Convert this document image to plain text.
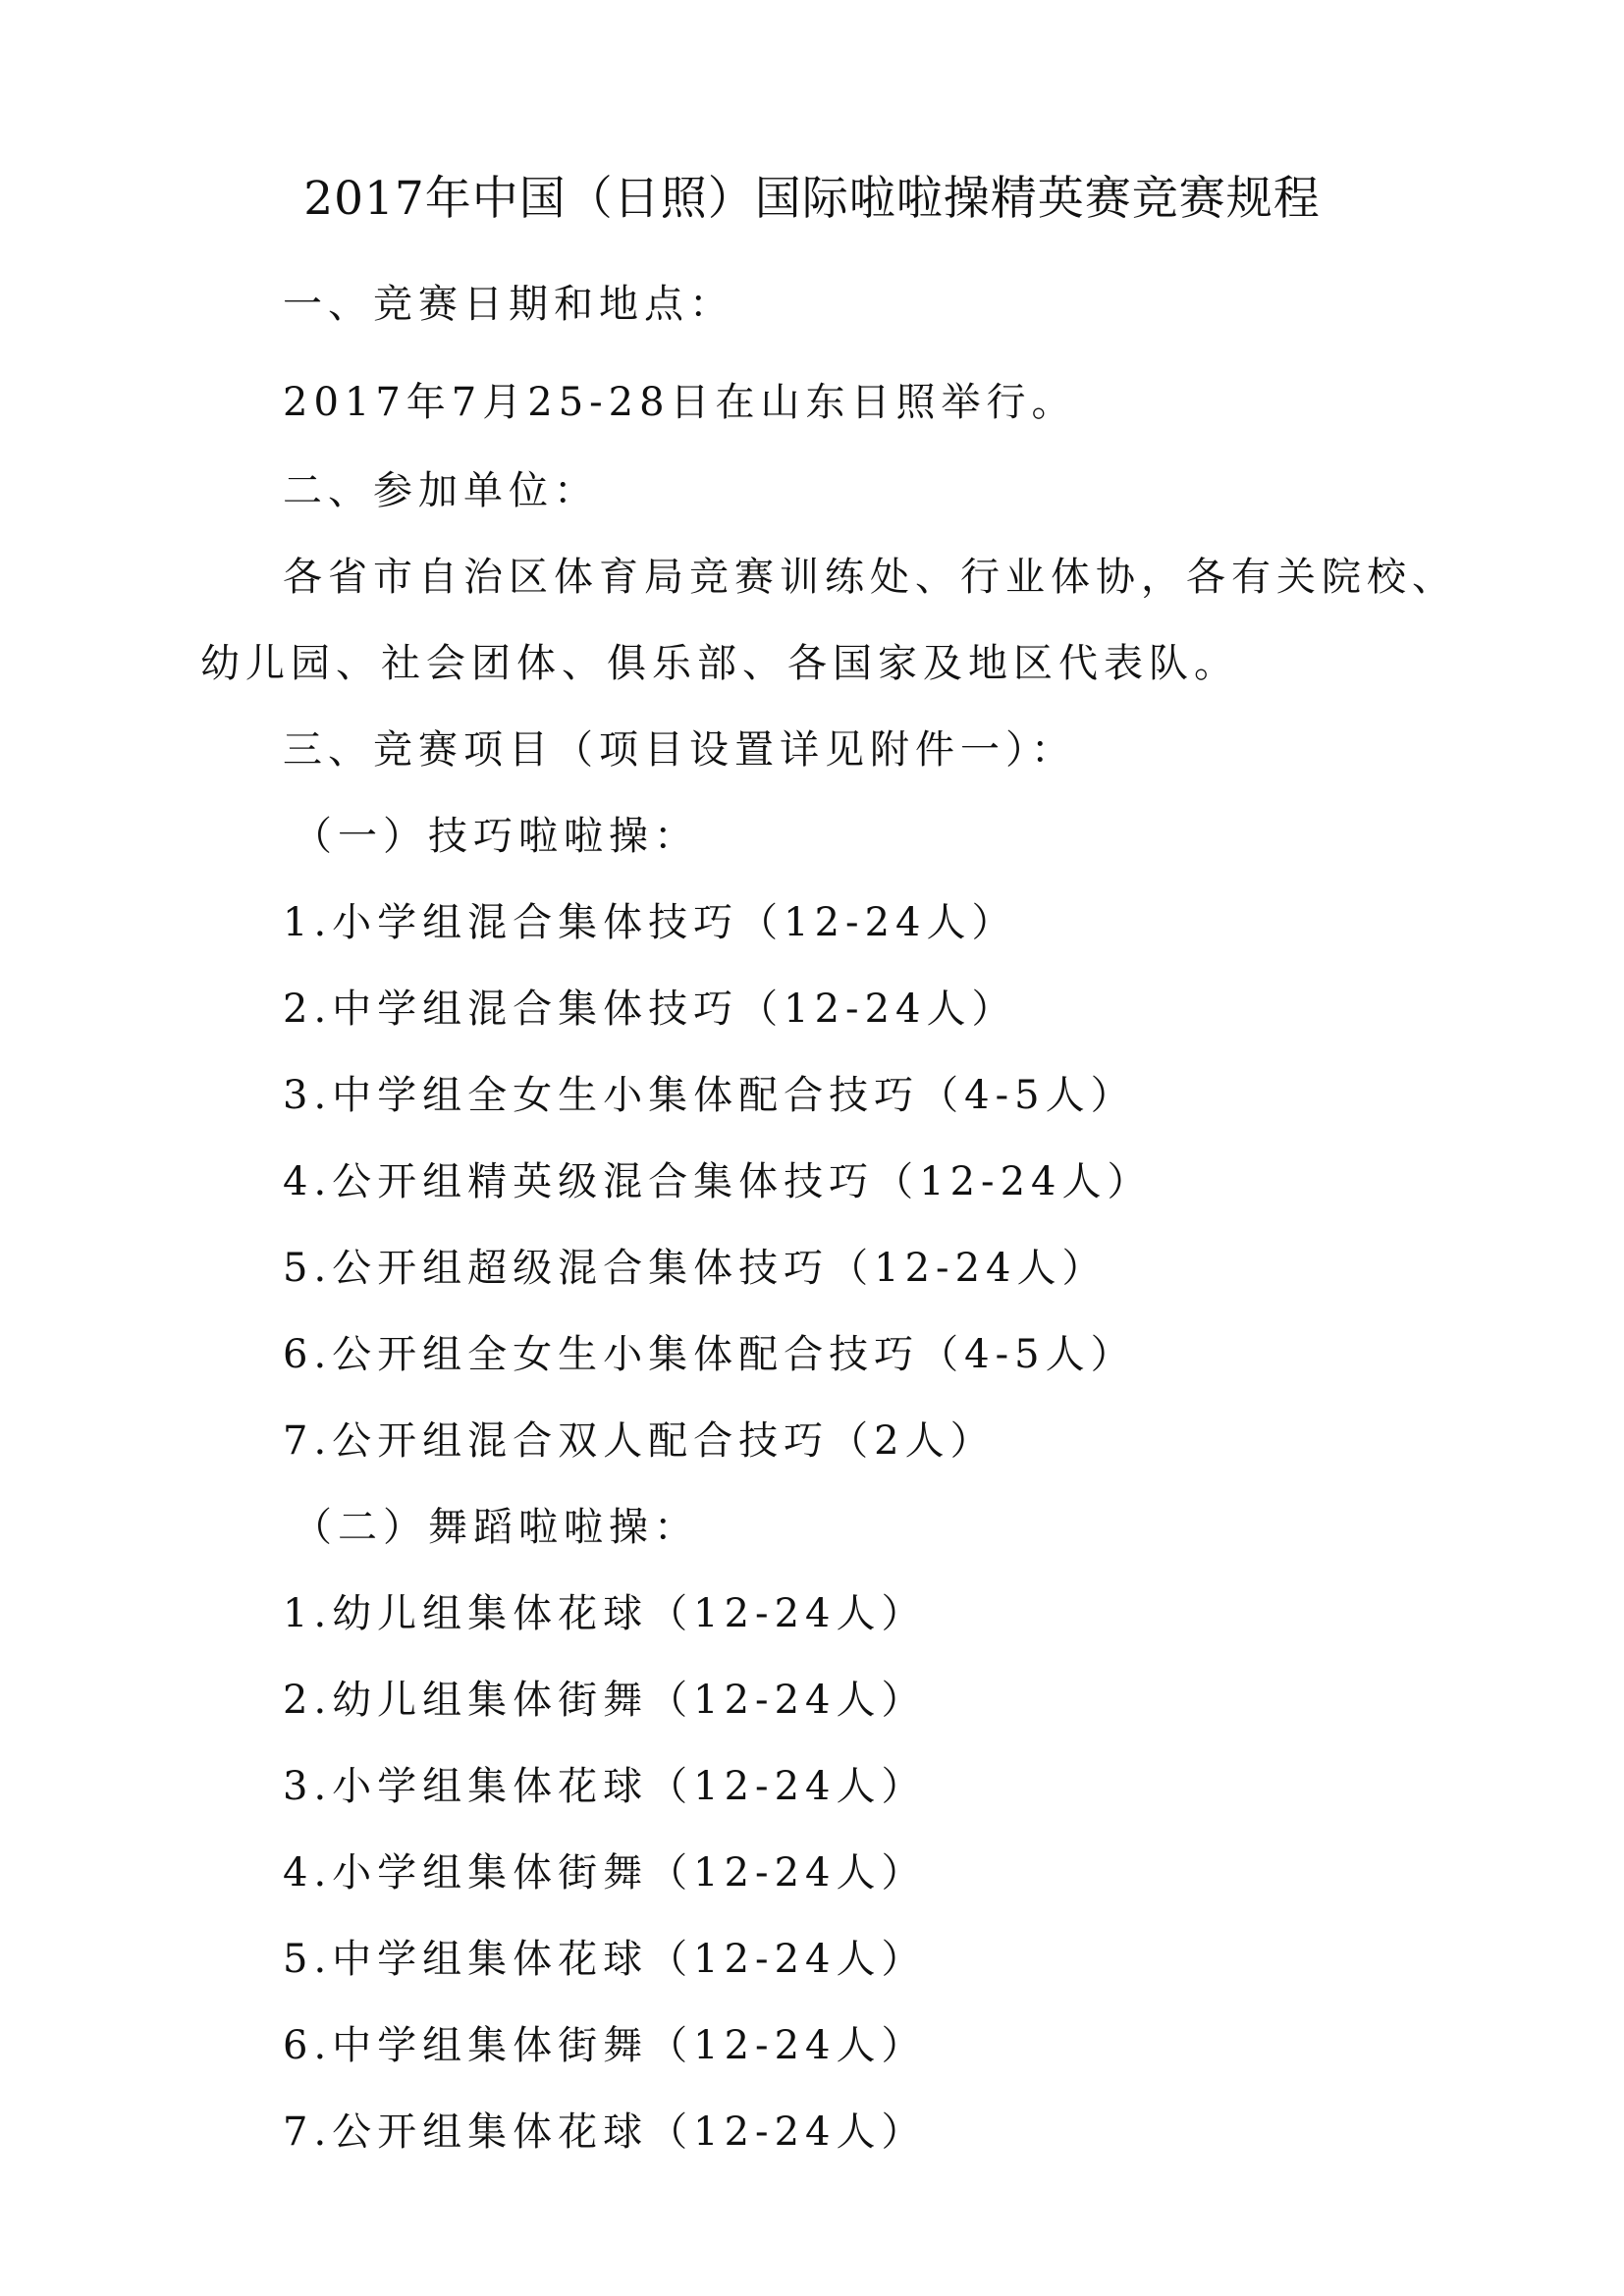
2017年中国（日照）国际啦啦操精英赛竞赛规程
一、竞赛日期和地点：
2017年7月25-28日在山东日照举行。
二、参加单位：
各省市自治区体育局竞赛训练处、行业体协，各有关院校、
幼儿园、社会团体、俱乐部、各国家及地区代表队。
三、竞赛项目（项目设置详见附件一）：
（一）技巧啦啦操：
1.小学组混合集体技巧（12-24人）
2.中学组混合集体技巧（12-24人）
3.中学组全女生小集体配合技巧（4-5人）
4.公开组精英级混合集体技巧（12-24人）
5.公开组超级混合集体技巧（12-24人）
6.公开组全女生小集体配合技巧（4-5人）
7.公开组混合双人配合技巧（2人）
（二）舞蹈啦啦操：
1.幼儿组集体花球（12-24人）
2.幼儿组集体街舞（12-24人）
3.小学组集体花球（12-24人）
4.小学组集体街舞（12-24人）
5.中学组集体花球（12-24人）
6.中学组集体街舞（12-24人）
7.公开组集体花球（12-24人）
